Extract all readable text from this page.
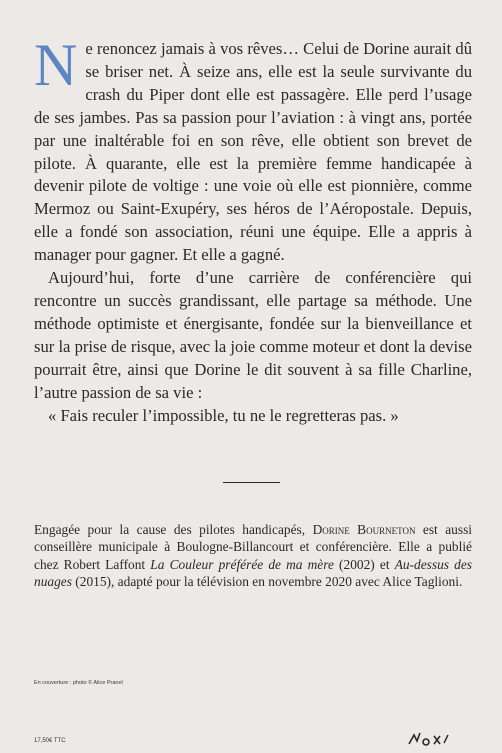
Ne renoncez jamais à vos rêves… Celui de Dorine aurait dû se briser net. À seize ans, elle est la seule survivante du crash du Piper dont elle est passagère. Elle perd l’usage de ses jambes. Pas sa passion pour l’aviation : à vingt ans, portée par une inaltérable foi en son rêve, elle obtient son brevet de pilote. À quarante, elle est la première femme handicapée à devenir pilote de voltige : une voie où elle est pionnière, comme Mermoz ou Saint-Exupéry, ses héros de l’Aéropostale. Depuis, elle a fondé son association, réuni une équipe. Elle a appris à manager pour gagner. Et elle a gagné.

Aujourd’hui, forte d’une carrière de conférencière qui rencontre un succès grandissant, elle partage sa méthode. Une méthode optimiste et énergisante, fondée sur la bienveillance et sur la prise de risque, avec la joie comme moteur et dont la devise pourrait être, ainsi que Dorine le dit souvent à sa fille Charline, l’autre passion de sa vie :
« Fais reculer l’impossible, tu ne le regretteras pas. »

Engagée pour la cause des pilotes handicapés, Dorine Bourneton est aussi conseillère municipale à Boulogne-Billancourt et conférencière. Elle a publié chez Robert Laffont La Couleur préférée de ma mère (2002) et Au-dessus des nuages (2015), adapté pour la télévision en novembre 2020 avec Alice Taglioni.

En couverture : photo © Alice Pranel
17,50€ TTC
